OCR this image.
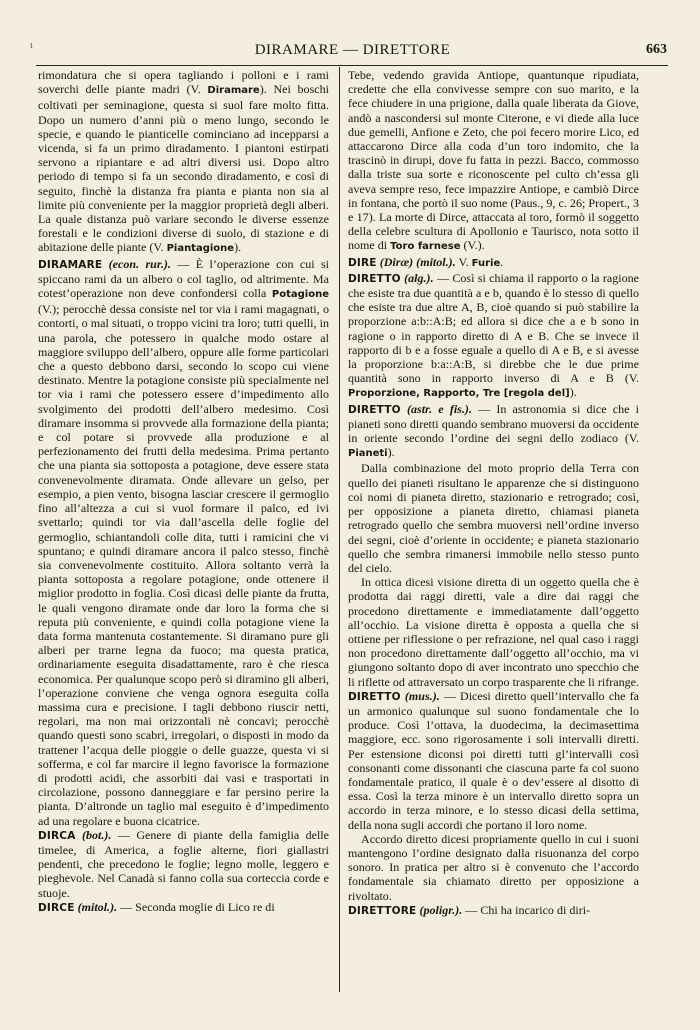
ι	DIRAMARE — DIRETTORE	663

rimondatura che si opera tagliando i polloni e i rami soverchi delle piante madri (V. Diramare). Nei boschi coltivati per seminagione, questa si suol fare molto fitta. Dopo un numero d’anni più o meno lungo, secondo le specie, e quando le pianticelle cominciano ad incepparsi a vicenda, si fa un primo diradamento. I piantoni estirpati servono a ripiantare e ad altri diversi usi. Dopo altro periodo di tempo si fa un secondo diradamento, e così di seguito, finchè la distanza fra pianta e pianta non sia al limite più conveniente per la maggior proprietà degli alberi. La quale distanza può variare secondo le diverse essenze forestali e le condizioni diverse di suolo, di stazione e di abitazione delle piante (V. Piantagione).

DIRAMARE (econ. rur.). — È l’operazione con cui si spiccano rami da un albero o col taglio, od altrimente. Ma cotest’operazione non deve confondersi colla Potagione (V.); perocchè dessa consiste nel tor via i rami magagnati, o contorti, o mal situati, o troppo vicini tra loro; tutti quelli, in una parola, che potessero in qualche modo ostare al maggiore sviluppo dell’albero, oppure alle forme particolari che a questo debbono darsi, secondo lo scopo cui viene destinato. Mentre la potagione consiste più specialmente nel tor via i rami che potessero essere d’impedimento allo svolgimento dei prodotti dell’albero medesimo. Così diramare insomma si provvede alla formazione della pianta; e col potare si provvede alla produzione e al perfezionamento dei frutti della medesima. Prima pertanto che una pianta sia sottoposta a potagione, deve essere stata convenevolmente diramata. Onde allevare un gelso, per esempio, a pien vento, bisogna lasciar crescere il germoglio fino all’altezza a cui si vuol formare il palco, ed ivi svettarlo; quindi tor via dall’ascella delle foglie del germoglio, schiantandoli colle dita, tutti i ramicini che vi spuntano; e quindi diramare ancora il palco stesso, finchè sia convenevolmente costituito. Allora soltanto verrà la pianta sottoposta a regolare potagione, onde ottenere il miglior prodotto in foglia. Così dicasi delle piante da frutta, le quali vengono diramate onde dar loro la forma che si reputa più conveniente, e quindi colla potagione viene la data forma mantenuta costantemente. Si diramano pure gli alberi per trarne legna da fuoco; ma questa pratica, ordinariamente eseguita disadattamente, raro è che riesca economica. Per qualunque scopo però si diramino gli alberi, l’operazione conviene che venga ognora eseguita colla massima cura e precisione. I tagli debbono riuscir netti, regolari, ma non mai orizzontali nè concavi; perocchè quando questi sono scabri, irregolari, o disposti in modo da trattener l’acqua delle pioggie o delle guazze, questa vi si sofferma, e col far marcire il legno favorisce la formazione di prodotti acidi, che assorbiti dai vasi e trasportati in circolazione, possono danneggiare e far persino perire la pianta. D’altronde un taglio mal eseguito è d’impedimento ad una regolare e buona cicatrice.

DIRCA (bot.). — Genere di piante della famiglia delle timelee, di America, a foglie alterne, fiori giallastri pendenti, che precedono le foglie; legno molle, leggero e pieghevole. Nel Canadà si fanno colla sua corteccia corde e stuoje.

DIRCE (mitol.). — Seconda moglie di Lico re di

Tebe, vedendo gravida Antiope, quantunque ripudiata, credette che ella convivesse sempre con suo marito, e la fece chiudere in una prigione, dalla quale liberata da Giove, andò a nascondersi sul monte Citerone, e vi diede alla luce due gemelli, Anfione e Zeto, che poi fecero morire Lico, ed attaccarono Dirce alla coda d’un toro indomito, che la trascinò in dirupi, dove fu fatta in pezzi. Bacco, commosso dalla triste sua sorte e riconoscente pel culto ch’essa gli aveva sempre reso, fece impazzire Antiope, e cambiò Dirce in fontana, che portò il suo nome (Paus., 9, c. 26; Propert., 3 e 17). La morte di Dirce, attaccata al toro, formò il soggetto della celebre scultura di Apollonio e Taurisco, nota sotto il nome di Toro farnese (V.).

DIRE (Diræ) (mitol.). V. Furie.

DIRETTO (alg.). — Così si chiama il rapporto o la ragione che esiste tra due quantità a e b, quando è lo stesso di quello che esiste tra due altre A, B, cioè quando si può stabilire la proporzione a:b::A:B; ed allora si dice che a e b sono in ragione o in rapporto diretto di A e B. Che se invece il rapporto di b e a fosse eguale a quello di A e B, e si avesse la proporzione b:a::A:B, si direbbe che le due prime quantità sono in rapporto inverso di A e B (V. Proporzione, Rapporto, Tre [regola del]).

DIRETTO (astr. e fis.). — In astronomia si dice che i pianeti sono diretti quando sembrano muoversi da occidente in oriente secondo l’ordine dei segni dello zodiaco (V. Pianeti).

Dalla combinazione del moto proprio della Terra con quello dei pianeti risultano le apparenze che si distinguono coi nomi di pianeta diretto, stazionario e retrogrado; così, per opposizione a pianeta diretto, chiamasi pianeta retrogrado quello che sembra muoversi nell’ordine inverso dei segni, cioè d’oriente in occidente; e pianeta stazionario quello che sembra rimanersi immobile nello stesso punto del cielo.

In ottica dicesi visione diretta di un oggetto quella che è prodotta dai raggi diretti, vale a dire dai raggi che procedono direttamente e immediatamente dall’oggetto all’occhio. La visione diretta è opposta a quella che si ottiene per riflessione o per refrazione, nel qual caso i raggi non procedono direttamente dall’oggetto all’occhio, ma vi giungono soltanto dopo di aver incontrato uno specchio che li riflette od attraversato un corpo trasparente che li rifrange.

DIRETTO (mus.). — Dicesi diretto quell’intervallo che fa un armonico qualunque sul suono fondamentale che lo produce. Così l’ottava, la duodecima, la decimasettima maggiore, ecc. sono rigorosamente i soli intervalli diretti. Per estensione diconsi poi diretti tutti gl’intervalli così consonanti come dissonanti che ciascuna parte fa col suono fondamentale pratico, il quale è o dev’essere al disotto di essa. Così la terza minore è un intervallo diretto sopra un accordo in terza minore, e lo stesso dicasi della settima, della nona sugli accordi che portano il loro nome.

Accordo diretto dicesi propriamente quello in cui i suoni mantengono l’ordine designato dalla risuonanza del corpo sonoro. In pratica per altro si è convenuto che l’accordo fondamentale sia chiamato diretto per opposizione a rivoltato.

DIRETTORE (poligr.). — Chi ha incarico di diri-
